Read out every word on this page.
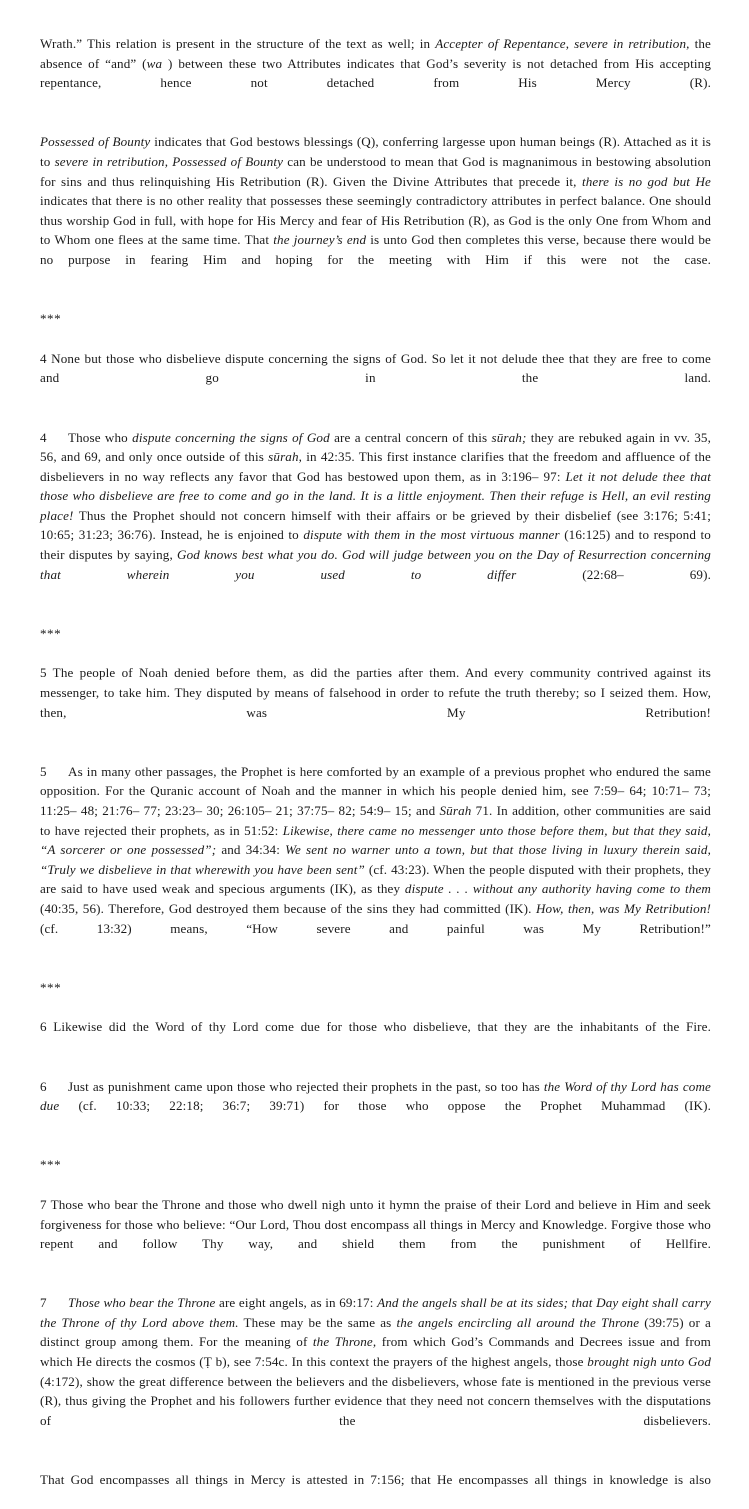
Wrath.” This relation is present in the structure of the text as well; in Accepter of Repentance, severe in retribution, the absence of “and” (wa ) between these two Attributes indicates that God’s severity is not detached from His accepting repentance, hence not detached from His Mercy (R).

Possessed of Bounty indicates that God bestows blessings (Q), conferring largesse upon human beings (R). Attached as it is to severe in retribution, Possessed of Bounty can be understood to mean that God is magnanimous in bestowing absolution for sins and thus relinquishing His Retribution (R). Given the Divine Attributes that precede it, there is no god but He indicates that there is no other reality that possesses these seemingly contradictory attributes in perfect balance. One should thus worship God in full, with hope for His Mercy and fear of His Retribution (R), as God is the only One from Whom and to Whom one flees at the same time. That the journey’s end is unto God then completes this verse, because there would be no purpose in fearing Him and hoping for the meeting with Him if this were not the case.

***

4 None but those who disbelieve dispute concerning the signs of God. So let it not delude thee that they are free to come and go in the land.

4 Those who dispute concerning the signs of God are a central concern of this sūrah; they are rebuked again in vv. 35, 56, and 69, and only once outside of this sūrah, in 42:35. This first instance clarifies that the freedom and affluence of the disbelievers in no way reflects any favor that God has bestowed upon them, as in 3:196– 97: Let it not delude thee that those who disbelieve are free to come and go in the land. It is a little enjoyment. Then their refuge is Hell, an evil resting place! Thus the Prophet should not concern himself with their affairs or be grieved by their disbelief (see 3:176; 5:41; 10:65; 31:23; 36:76). Instead, he is enjoined to dispute with them in the most virtuous manner (16:125) and to respond to their disputes by saying, God knows best what you do. God will judge between you on the Day of Resurrection concerning that wherein you used to differ (22:68– 69).

***

5 The people of Noah denied before them, as did the parties after them. And every community contrived against its messenger, to take him. They disputed by means of falsehood in order to refute the truth thereby; so I seized them. How, then, was My Retribution!

5 As in many other passages, the Prophet is here comforted by an example of a previous prophet who endured the same opposition. For the Quranic account of Noah and the manner in which his people denied him, see 7:59– 64; 10:71– 73; 11:25– 48; 21:76– 77; 23:23– 30; 26:105– 21; 37:75– 82; 54:9– 15; and Sūrah 71. In addition, other communities are said to have rejected their prophets, as in 51:52: Likewise, there came no messenger unto those before them, but that they said, “A sorcerer or one possessed”; and 34:34: We sent no warner unto a town, but that those living in luxury therein said, “Truly we disbelieve in that wherewith you have been sent” (cf. 43:23). When the people disputed with their prophets, they are said to have used weak and specious arguments (IK), as they dispute . . . without any authority having come to them (40:35, 56). Therefore, God destroyed them because of the sins they had committed (IK). How, then, was My Retribution! (cf. 13:32) means, “How severe and painful was My Retribution!”

***

6 Likewise did the Word of thy Lord come due for those who disbelieve, that they are the inhabitants of the Fire.

6 Just as punishment came upon those who rejected their prophets in the past, so too has the Word of thy Lord has come due (cf. 10:33; 22:18; 36:7; 39:71) for those who oppose the Prophet Muhammad (IK).

***

7 Those who bear the Throne and those who dwell nigh unto it hymn the praise of their Lord and believe in Him and seek forgiveness for those who believe: “Our Lord, Thou dost encompass all things in Mercy and Knowledge. Forgive those who repent and follow Thy way, and shield them from the punishment of Hellfire.

7 Those who bear the Throne are eight angels, as in 69:17: And the angels shall be at its sides; that Day eight shall carry the Throne of thy Lord above them. These may be the same as the angels encircling all around the Throne (39:75) or a distinct group among them. For the meaning of the Throne, from which God’s Commands and Decrees issue and from which He directs the cosmos (Ṭ b), see 7:54c. In this context the prayers of the highest angels, those brought nigh unto God (4:172), show the great difference between the believers and the disbelievers, whose fate is mentioned in the previous verse (R), thus giving the Prophet and his followers further evidence that they need not concern themselves with the disputations of the disbelievers.

That God encompasses all things in Mercy is attested in 7:156; that He encompasses all things in knowledge is also
